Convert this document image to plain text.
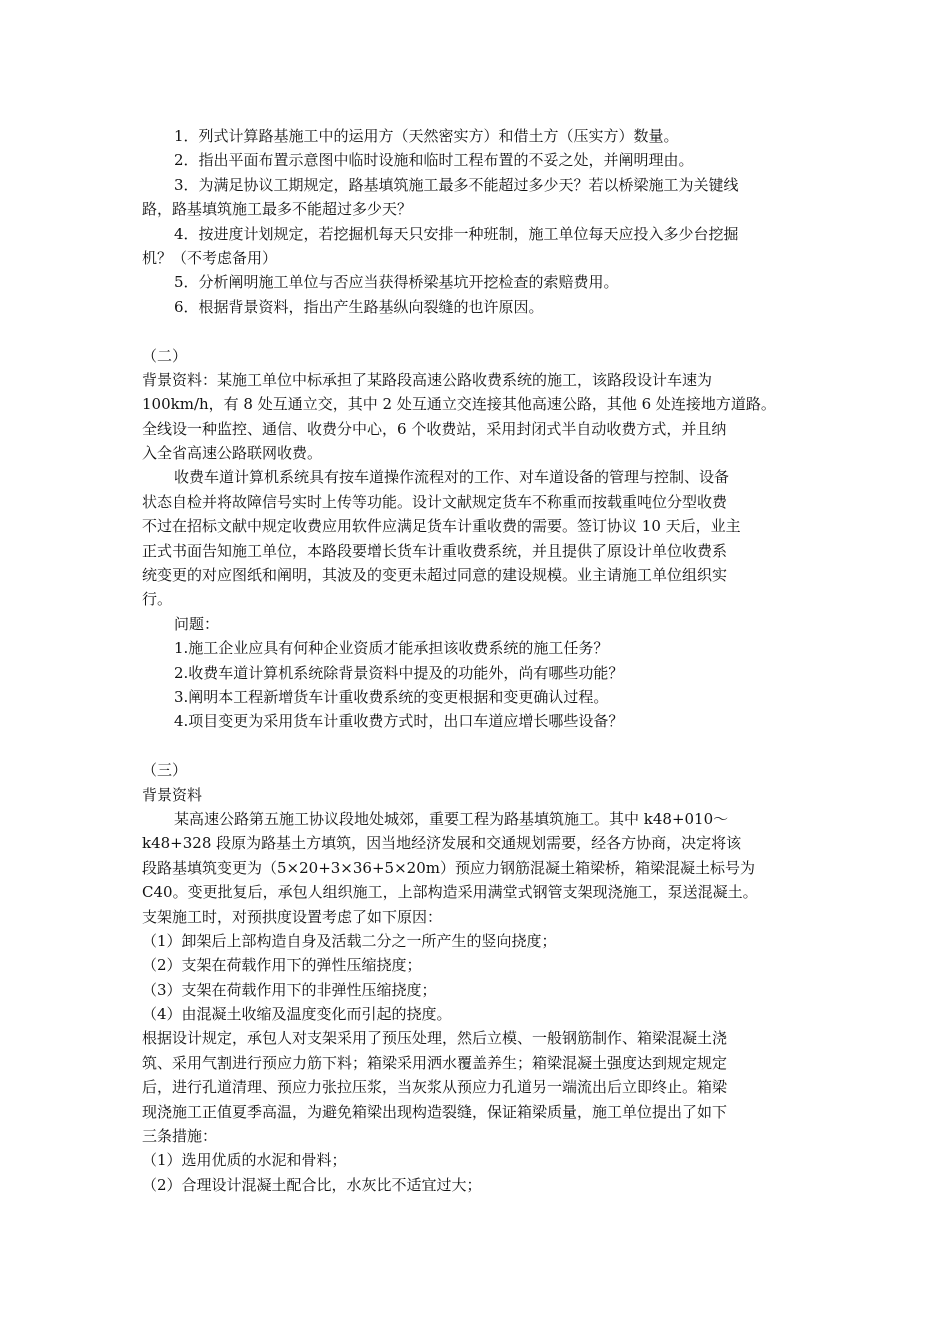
1．列式计算路基施工中的运用方（天然密实方）和借土方（压实方）数量。
2．指出平面布置示意图中临时设施和临时工程布置的不妥之处，并阐明理由。
3．为满足协议工期规定，路基填筑施工最多不能超过多少天？若以桥梁施工为关键线
路，路基填筑施工最多不能超过多少天？
4．按进度计划规定，若挖掘机每天只安排一种班制，施工单位每天应投入多少台挖掘
机？（不考虑备用）
5．分析阐明施工单位与否应当获得桥梁基坑开挖检查的索赔费用。
6．根据背景资料，指出产生路基纵向裂缝的也许原因。
（二）
背景资料：某施工单位中标承担了某路段高速公路收费系统的施工，该路段设计车速为
100km/h，有 8 处互通立交，其中 2 处互通立交连接其他高速公路，其他 6 处连接地方道路。
全线设一种监控、通信、收费分中心，6 个收费站，采用封闭式半自动收费方式，并且纳
入全省高速公路联网收费。
收费车道计算机系统具有按车道操作流程对的工作、对车道设备的管理与控制、设备
状态自检并将故障信号实时上传等功能。设计文献规定货车不称重而按载重吨位分型收费
不过在招标文献中规定收费应用软件应满足货车计重收费的需要。签订协议 10 天后，业主
正式书面告知施工单位，本路段要增长货车计重收费系统，并且提供了原设计单位收费系
统变更的对应图纸和阐明，其波及的变更未超过同意的建设规模。业主请施工单位组织实
行。
问题：
1.施工企业应具有何种企业资质才能承担该收费系统的施工任务？
2.收费车道计算机系统除背景资料中提及的功能外，尚有哪些功能？
3.阐明本工程新增货车计重收费系统的变更根据和变更确认过程。
4.项目变更为采用货车计重收费方式时，出口车道应增长哪些设备？
（三）
背景资料
某高速公路第五施工协议段地处城郊，重要工程为路基填筑施工。其中 k48+010～
k48+328 段原为路基土方填筑，因当地经济发展和交通规划需要，经各方协商，决定将该
段路基填筑变更为（5×20+3×36+5×20m）预应力钢筋混凝土箱梁桥，箱梁混凝土标号为
C40。变更批复后，承包人组织施工，上部构造采用满堂式钢管支架现浇施工，泵送混凝土。
支架施工时，对预拱度设置考虑了如下原因：
（1）卸架后上部构造自身及活载二分之一所产生的竖向挠度；
（2）支架在荷载作用下的弹性压缩挠度；
（3）支架在荷载作用下的非弹性压缩挠度；
（4）由混凝土收缩及温度变化而引起的挠度。
根据设计规定，承包人对支架采用了预压处理，然后立模、一般钢筋制作、箱梁混凝土浇
筑、采用气割进行预应力筋下料；箱梁采用洒水覆盖养生；箱梁混凝土强度达到规定规定
后，进行孔道清理、预应力张拉压浆，当灰浆从预应力孔道另一端流出后立即终止。箱梁
现浇施工正值夏季高温，为避免箱梁出现构造裂缝，保证箱梁质量，施工单位提出了如下
三条措施：
（1）选用优质的水泥和骨料；
（2）合理设计混凝土配合比，水灰比不适宜过大；
